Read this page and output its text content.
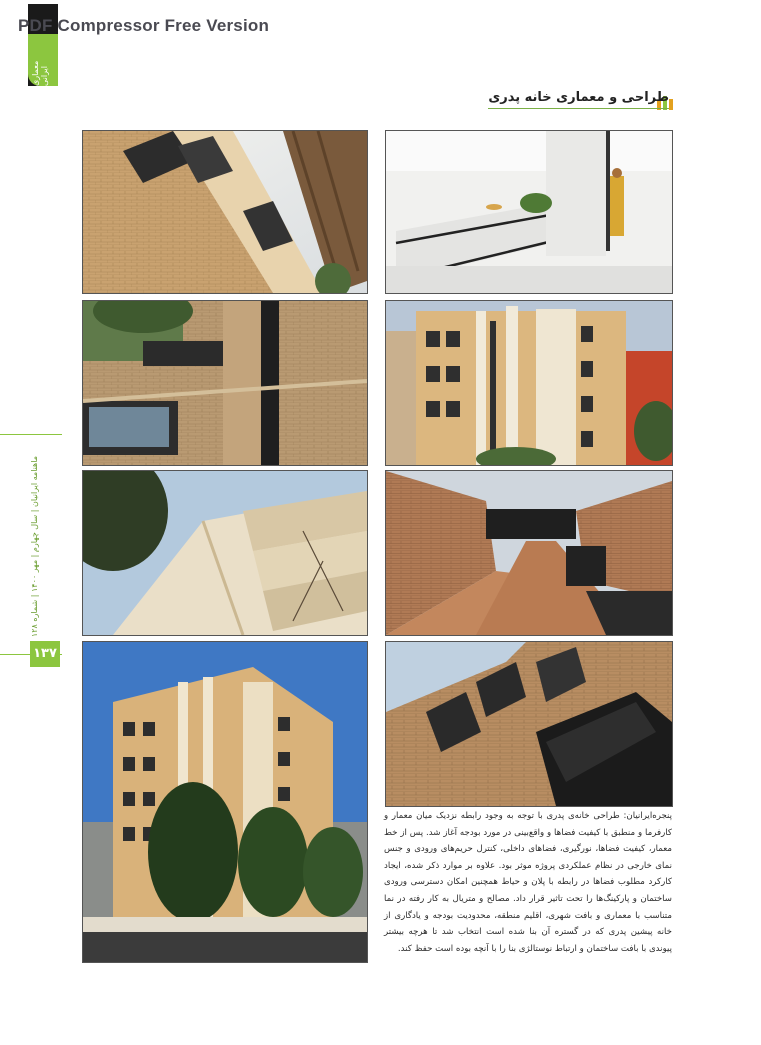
معماری ایرانی
PDF Compressor Free Version
ماهنامه ایرانیان | سال چهارم | مهر ۱۴۰۰ | شماره ۱۲۸
۱۳۷
طراحی و معماری خانه پدری
پنجره‌ایرانیان: طراحی خانه‌ی پدری با توجه به وجود رابطه نزدیک میان معمار و کارفرما و منطبق با کیفیت فضاها و واقع‌بینی در مورد بودجه آغاز شد. پس از خط معمار، کیفیت فضاها، نورگیری، فضاهای داخلی، کنترل حریم‌های ورودی و جنس نمای خارجی در نظام عملکردی پروژه موثر بود. علاوه بر موارد ذکر شده، ایجاد کارکرد مطلوب فضاها در رابطه با پلان و حیاط همچنین امکان دسترسی ورودی ساختمان و پارکینگ‌ها را تحت تاثیر قرار داد. مصالح و متریال به کار رفته در نما متناسب با معماری و بافت شهری، اقلیم منطقه، محدودیت بودجه و یادگاری از خانه پیشین پدری که در گستره آن بنا شده است انتخاب شد تا هرچه بیشتر پیوندی با بافت ساختمان و ارتباط نوستالژی بنا را با آنچه بوده است حفظ کند.
